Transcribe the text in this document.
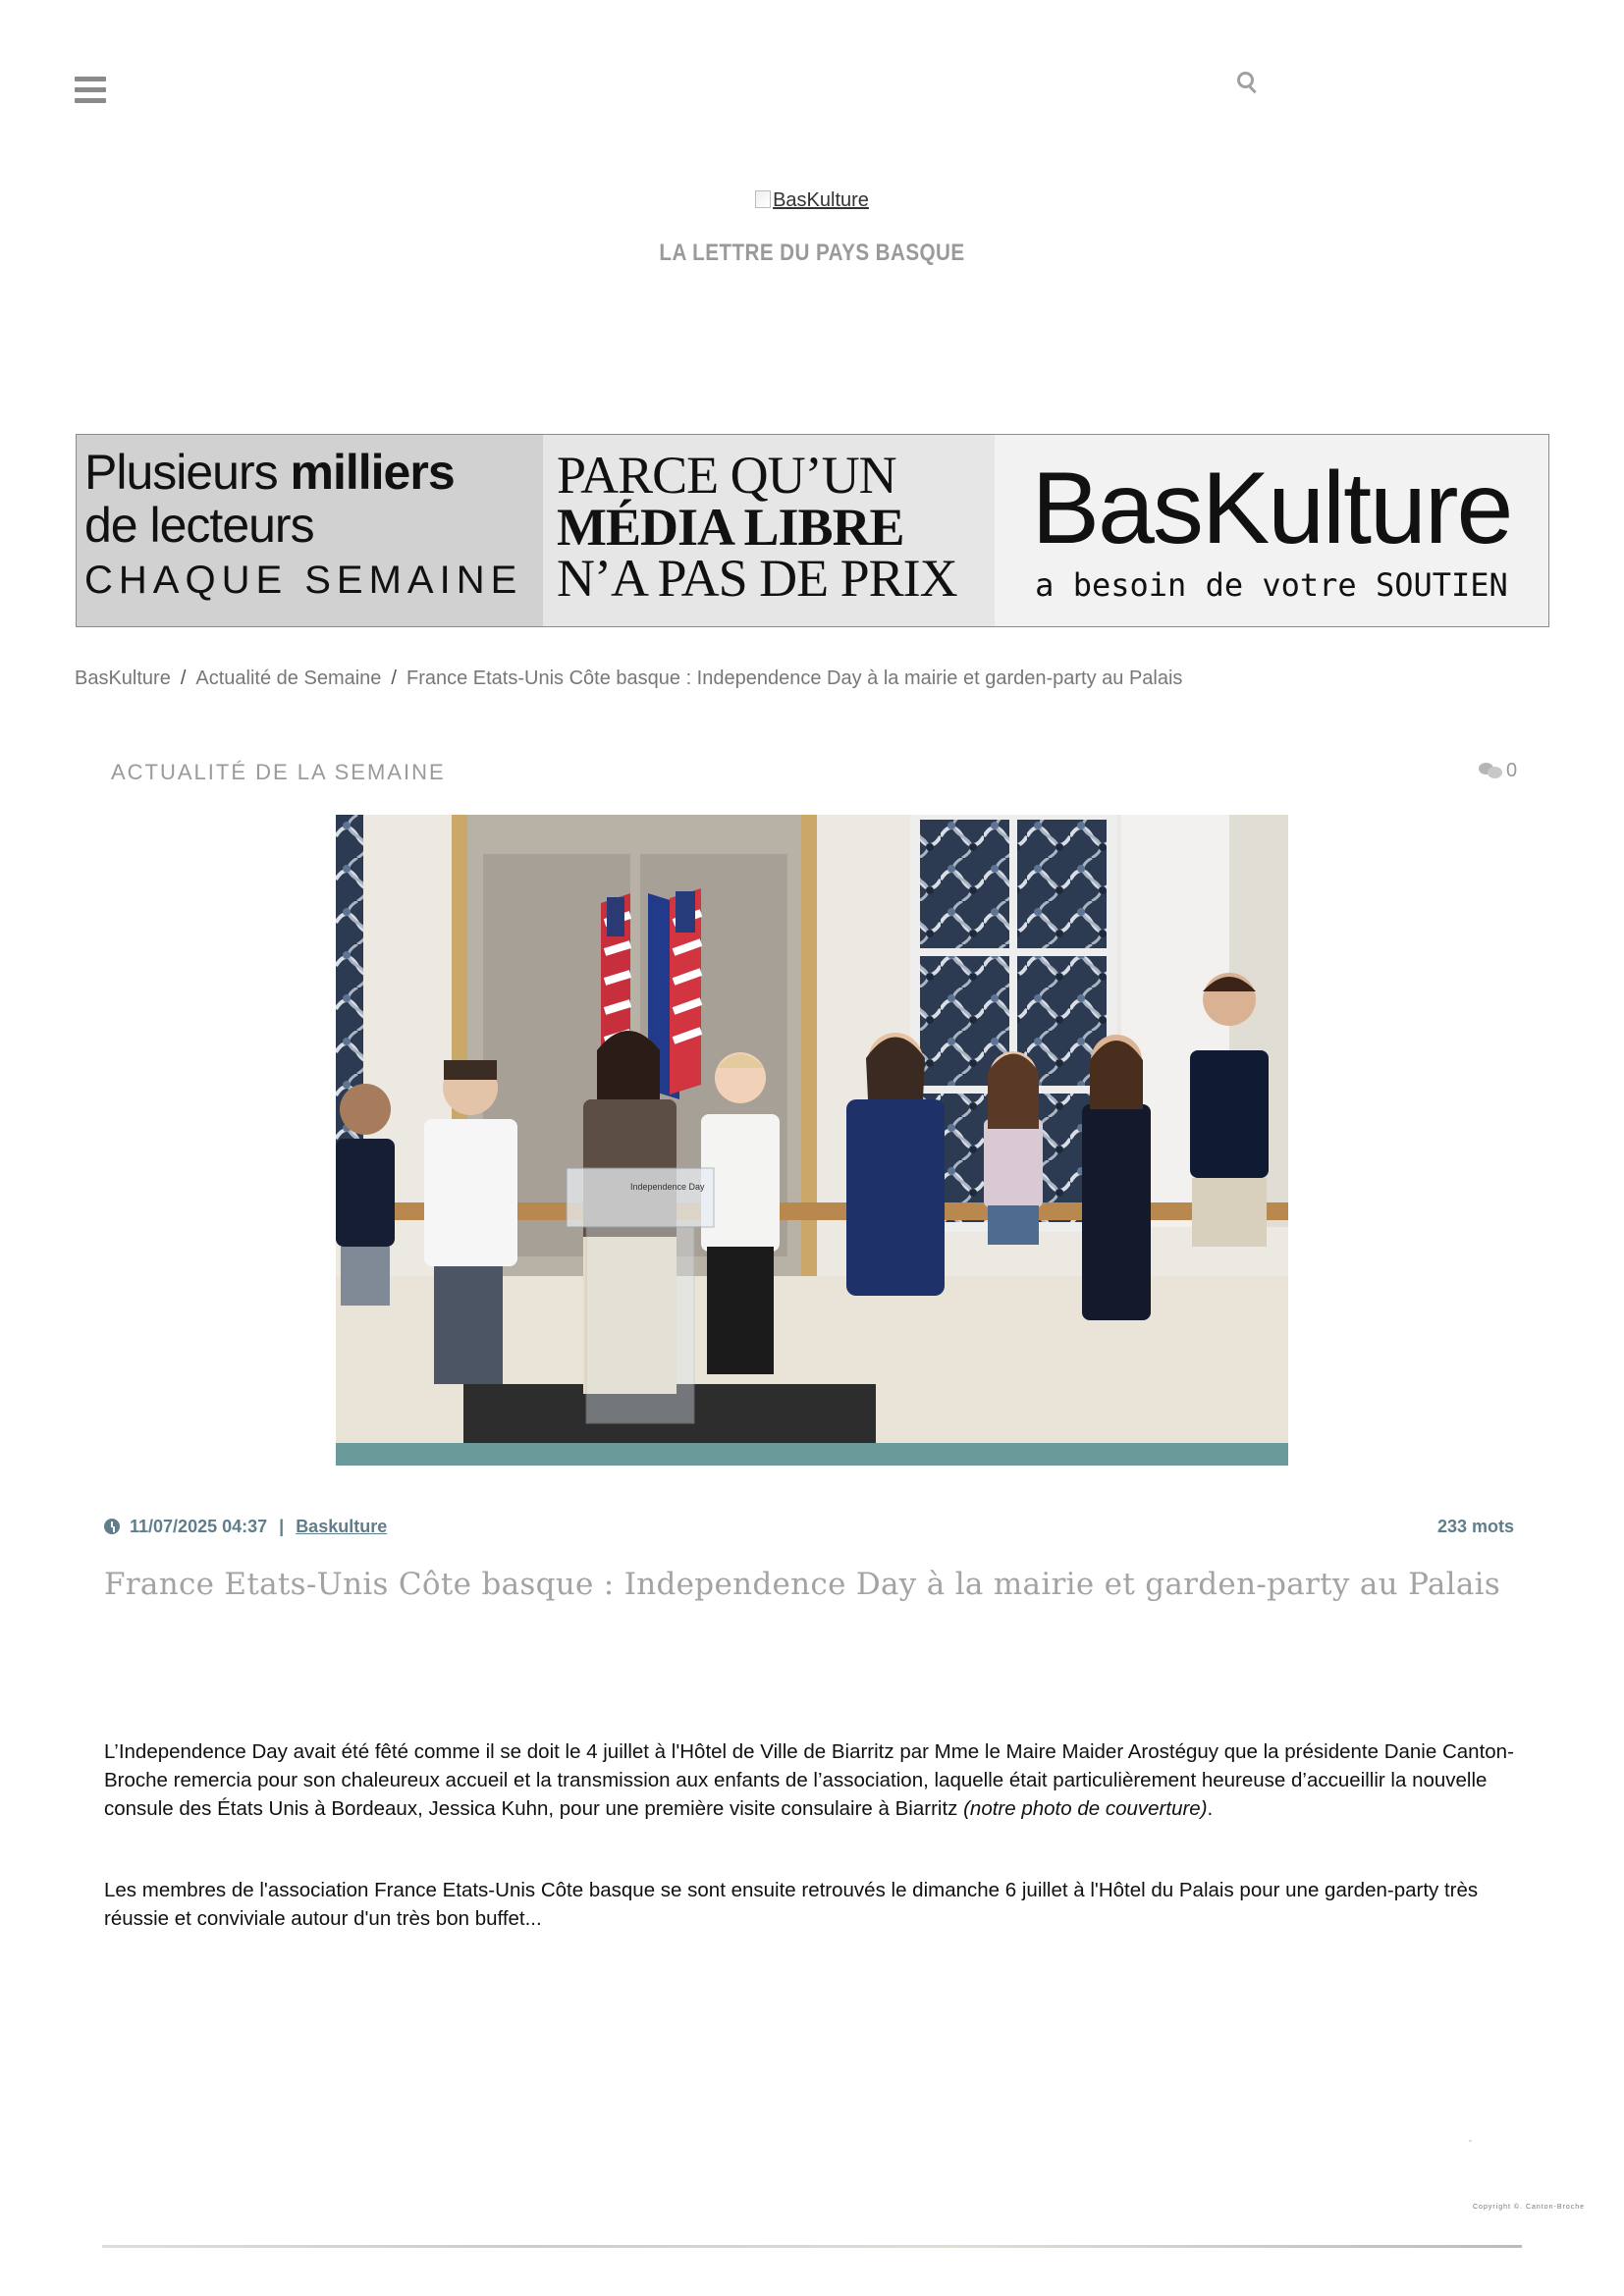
BasKulture
LA LETTRE DU PAYS BASQUE
Plusieurs milliers
de lecteurs
CHAQUE SEMAINE
PARCE QU’UN
MÉDIA LIBRE
N’A PAS DE PRIX
BasKulture
a besoin de votre SOUTIEN
BasKulture / Actualité de Semaine / France Etats-Unis Côte basque : Independence Day à la mairie et garden-party au Palais
ACTUALITÉ DE LA SEMAINE	0
Independence Day
11/07/2025 04:37 | Baskulture	233 mots
France Etats-Unis Côte basque : Independence Day à la mairie et garden-party au Palais
L’Independence Day avait été fêté comme il se doit le 4 juillet à l'Hôtel de Ville de Biarritz par Mme le Maire Maider Arostéguy que la présidente Danie Canton-Broche remercia pour son chaleureux accueil et la transmission aux enfants de l’association, laquelle était particulièrement heureuse d’accueillir la nouvelle consule des États Unis à Bordeaux, Jessica Kuhn, pour une première visite consulaire à Biarritz (notre photo de couverture).
Les membres de l'association France Etats-Unis Côte basque se sont ensuite retrouvés le dimanche 6 juillet à l'Hôtel du Palais pour une garden-party très réussie et conviviale autour d'un très bon buffet...
Copyright ©. Canton-Broche
